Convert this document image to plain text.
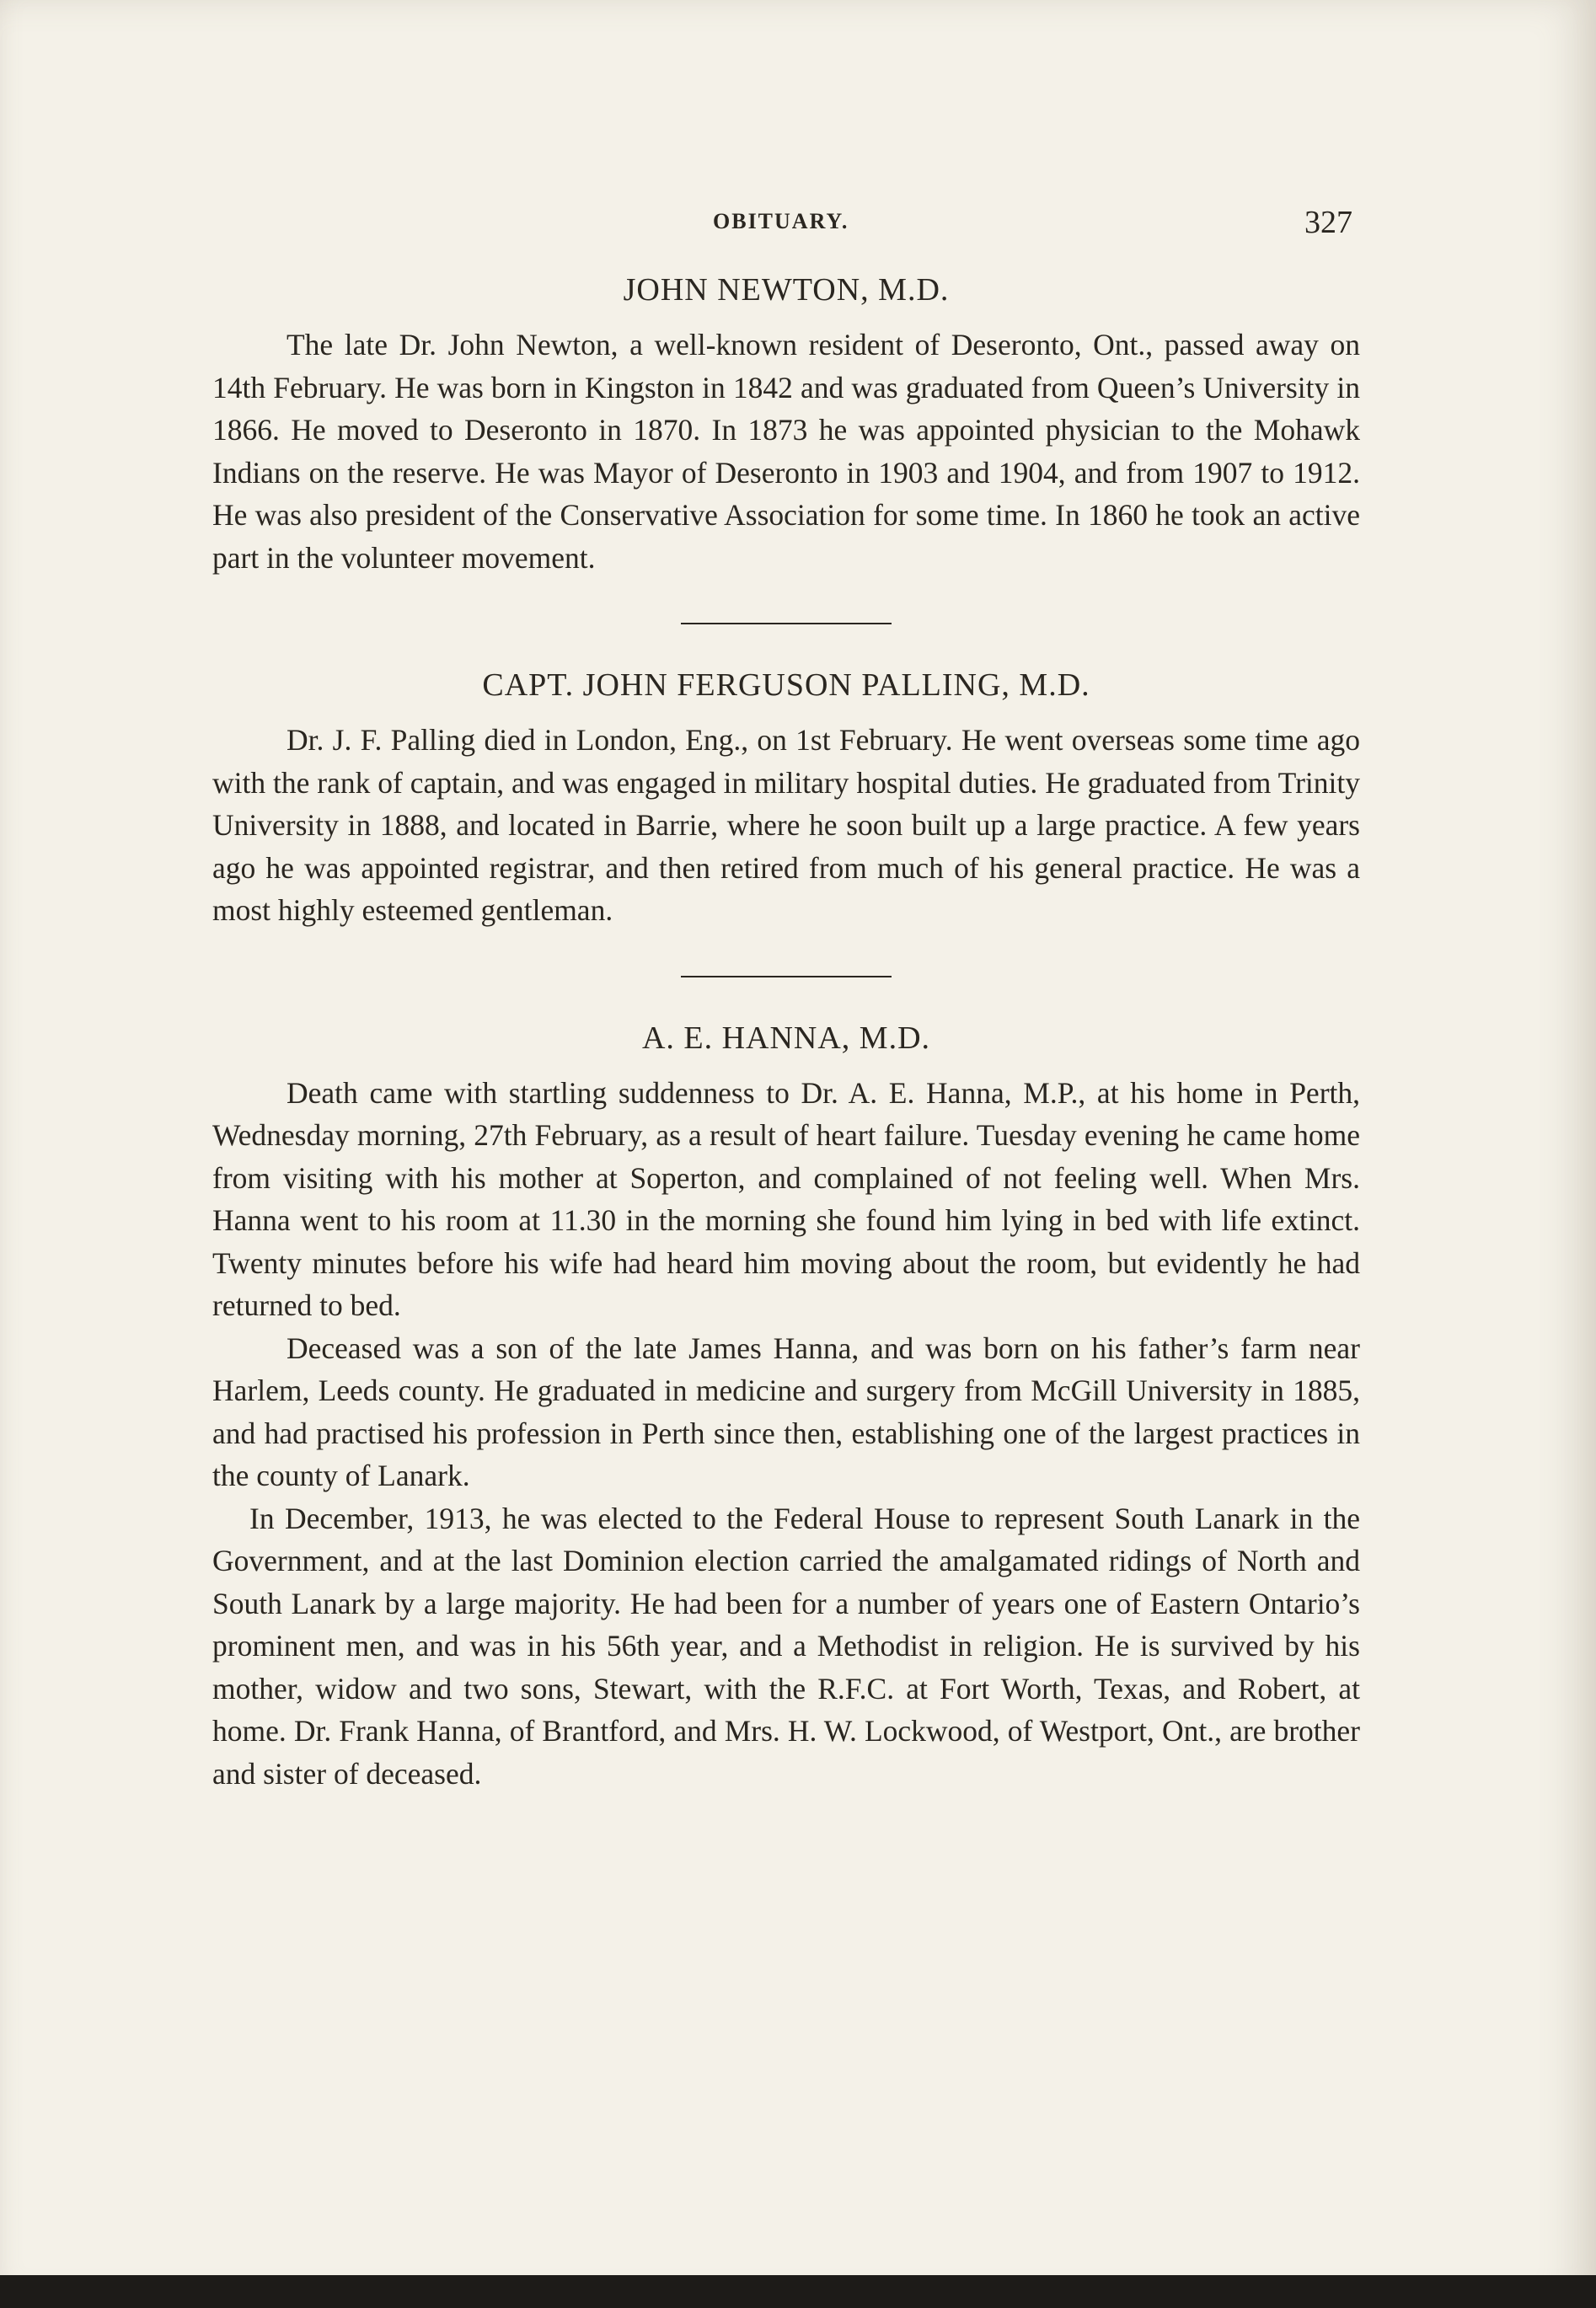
OBITUARY.	327
JOHN NEWTON, M.D.

The late Dr. John Newton, a well-known resident of Deseronto, Ont., passed away on 14th February. He was born in Kingston in 1842 and was graduated from Queen’s University in 1866. He moved to Deseronto in 1870. In 1873 he was appointed physician to the Mohawk Indians on the reserve. He was Mayor of Deseronto in 1903 and 1904, and from 1907 to 1912. He was also president of the Conservative Association for some time. In 1860 he took an active part in the volunteer movement.

CAPT. JOHN FERGUSON PALLING, M.D.

Dr. J. F. Palling died in London, Eng., on 1st February. He went overseas some time ago with the rank of captain, and was engaged in military hospital duties. He graduated from Trinity University in 1888, and located in Barrie, where he soon built up a large practice. A few years ago he was appointed registrar, and then retired from much of his general practice. He was a most highly esteemed gentleman.

A. E. HANNA, M.D.

Death came with startling suddenness to Dr. A. E. Hanna, M.P., at his home in Perth, Wednesday morning, 27th February, as a result of heart failure. Tuesday evening he came home from visiting with his mother at Soperton, and complained of not feeling well. When Mrs. Hanna went to his room at 11.30 in the morning she found him lying in bed with life extinct. Twenty minutes before his wife had heard him moving about the room, but evidently he had returned to bed.

Deceased was a son of the late James Hanna, and was born on his father’s farm near Harlem, Leeds county. He graduated in medicine and surgery from McGill University in 1885, and had practised his profession in Perth since then, establishing one of the largest practices in the county of Lanark.

In December, 1913, he was elected to the Federal House to represent South Lanark in the Government, and at the last Dominion election carried the amalgamated ridings of North and South Lanark by a large majority. He had been for a number of years one of Eastern Ontario’s prominent men, and was in his 56th year, and a Methodist in religion. He is survived by his mother, widow and two sons, Stewart, with the R.F.C. at Fort Worth, Texas, and Robert, at home. Dr. Frank Hanna, of Brantford, and Mrs. H. W. Lockwood, of Westport, Ont., are brother and sister of deceased.
